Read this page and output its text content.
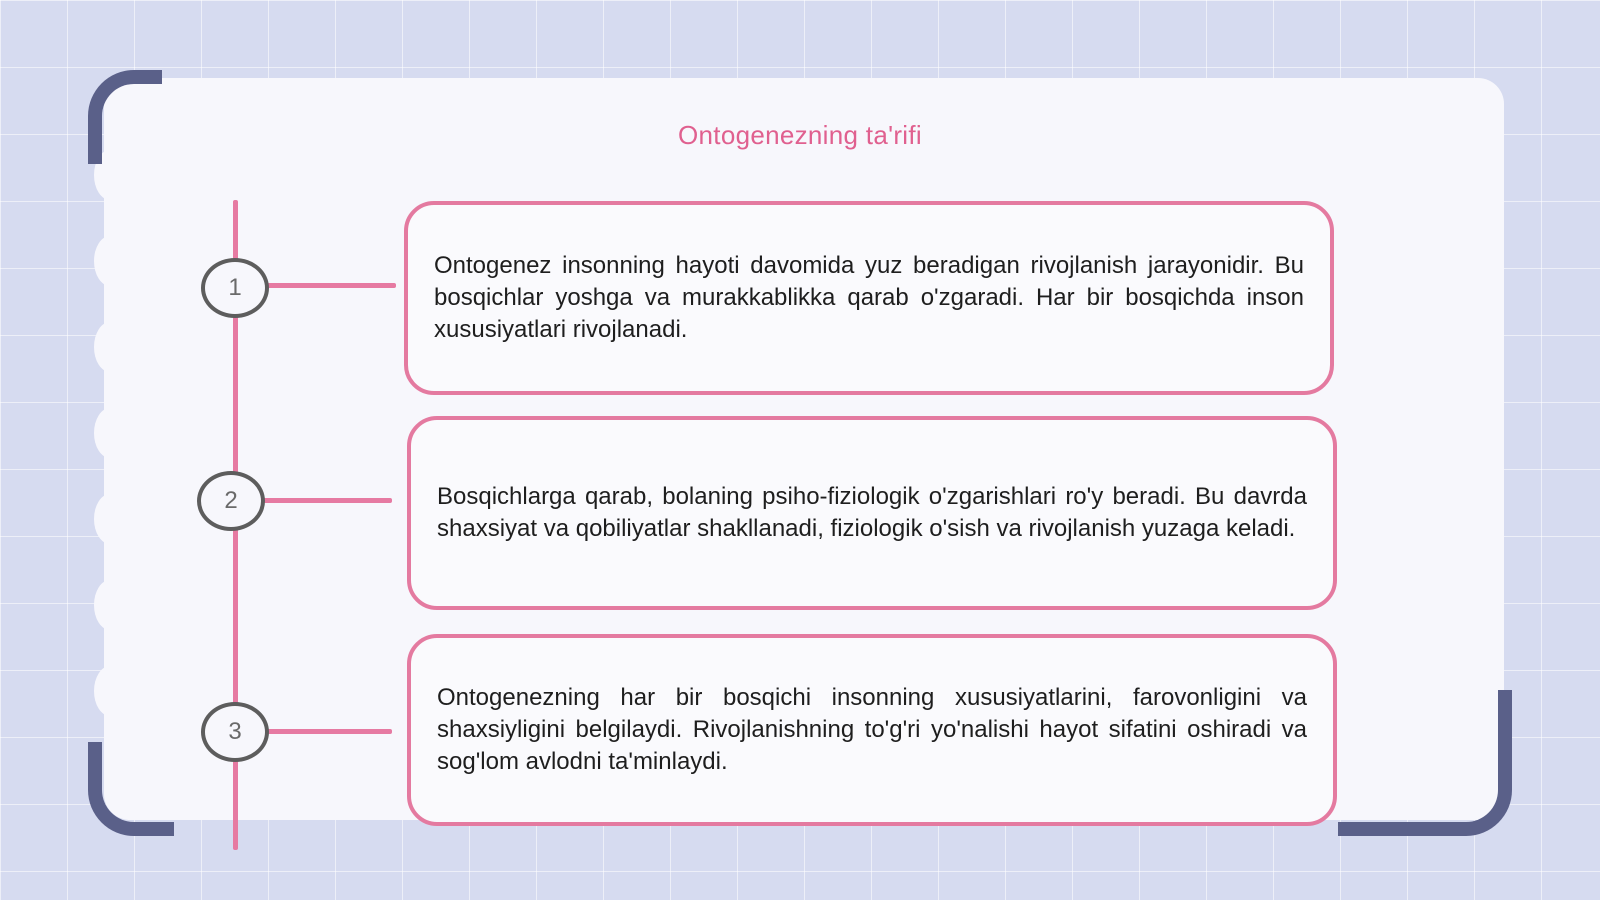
Ontogenezning ta'rifi
1

Ontogenez insonning hayoti davomida yuz beradigan rivojlanish jarayonidir. Bu bosqichlar yoshga va murakkablikka qarab o'zgaradi. Har bir bosqichda inson xususiyatlari rivojlanadi.

2	Bosqichlarga qarab, bolaning psiho-fiziologik o'zgarishlari ro'y beradi. Bu davrda shaxsiyat va qobiliyatlar shakllanadi, fiziologik o'sish va rivojlanish yuzaga keladi.

3

Ontogenezning har bir bosqichi insonning xususiyatlarini, farovonligini va shaxsiyligini belgilaydi. Rivojlanishning to'g'ri yo'nalishi hayot sifatini oshiradi va sog'lom avlodni ta'minlaydi.
